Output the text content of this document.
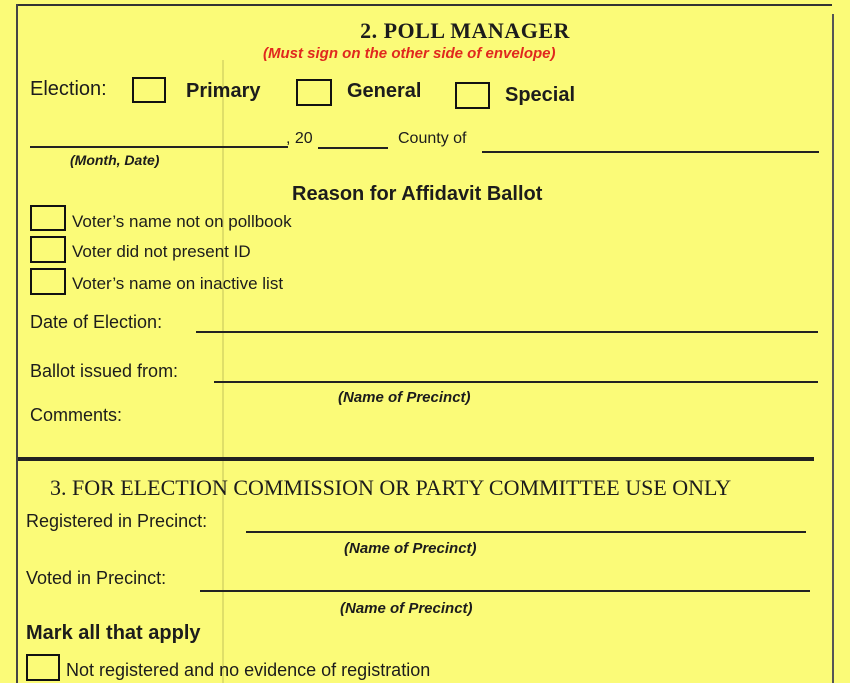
2. POLL MANAGER
(Must sign on the other side of envelope)
Election:	Primary	General	Special
, 20	County of
(Month, Date)
Reason for Affidavit Ballot
Voter’s name not on pollbook
Voter did not present ID
Voter’s name on inactive list
Date of Election:
Ballot issued from:
(Name of Precinct)
Comments:
3. FOR ELECTION COMMISSION OR PARTY COMMITTEE USE ONLY
Registered in Precinct:
(Name of Precinct)
Voted in Precinct:
(Name of Precinct)
Mark all that apply
Not registered and no evidence of registration
